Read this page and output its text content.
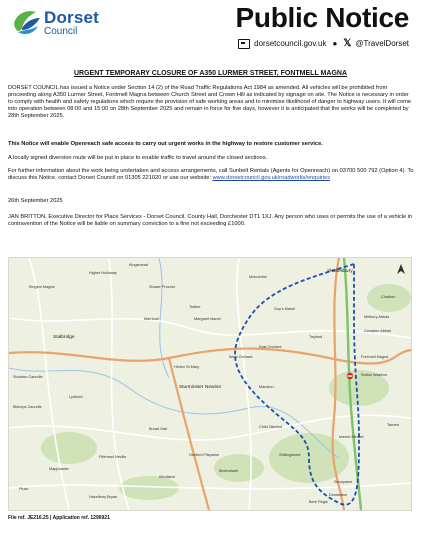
Dorset
Council	Public Notice
dorsetcouncil.gov.uk ● 𝕏 @TravelDorset
URGENT TEMPORARY CLOSURE OF A350 LURMER STREET, FONTMELL MAGNA
DORSET COUNCIL has issued a Notice under Section 14 (2) of the Road Traffic Regulations Act 1984 as amended. All vehicles will be prohibited from proceeding along A350 Lurmer Street, Fontmell Magna between Church Street and Crown Hill as indicated by signage on site. The Notice is necessary in order to comply with health and safety regulations which require the provision of safe working areas and to minimise likelihood of danger to highway users. It will come into operation between 08:00 and 15:00 on 28th September 2025 and remain in force for five days, however it is anticipated that the works will be completed by 28th September 2025.
This Notice will enable Openreach safe access to carry out urgent works in the highway to restore customer service.
A locally signed diversion route will be put in place to enable traffic to travel around the closed sections.
For further information about the work being undertaken and access arrangements, call Sunbelt Rentals (Agents for Openreach) on 03700 500 792 (Option 4). To discuss this Notice, contact Dorset Council on 01305 221020 or use our website: www.dorsetcouncil.gov.uk/roadworks/enquiries
26th September 2025
JAN BRITTON, Executive Director for Place Services - Dorset Council, County Hall, Dorchester DT1 1XJ. Any person who uses or permits the use of a vehicle in contravention of the Notice will be liable on summary conviction to a fine not exceeding £1000.
Shaftesbury
Higher Holloway
Kingsmead
Stower Provost
Motcombe
Stalbridge
Hinton St Mary
Sturminster Newton
Fontmell Magna
Sutton Waldron
Child Okeford
Okeford Fitzpaine	Shillingstone
Iwerne Minster
Stourpaine
Bere Regis
Todber
Marnhull	Margaret Marsh
East Orchard
West Orchard
Melbury Abbas
Compton Abbas
Twyford
Guy's Marsh
Kington Magna
Stourton Caundle
Manston
Woolland
Durweston
Belchalwell
Fifehead Neville
Broad Oak
Lydlinch
Bishops Caundle
Plush
Mappowder
Hazelbury Bryan
Charlton
Tarrant
File ref. JE216.25 | Application ref. 1296921
